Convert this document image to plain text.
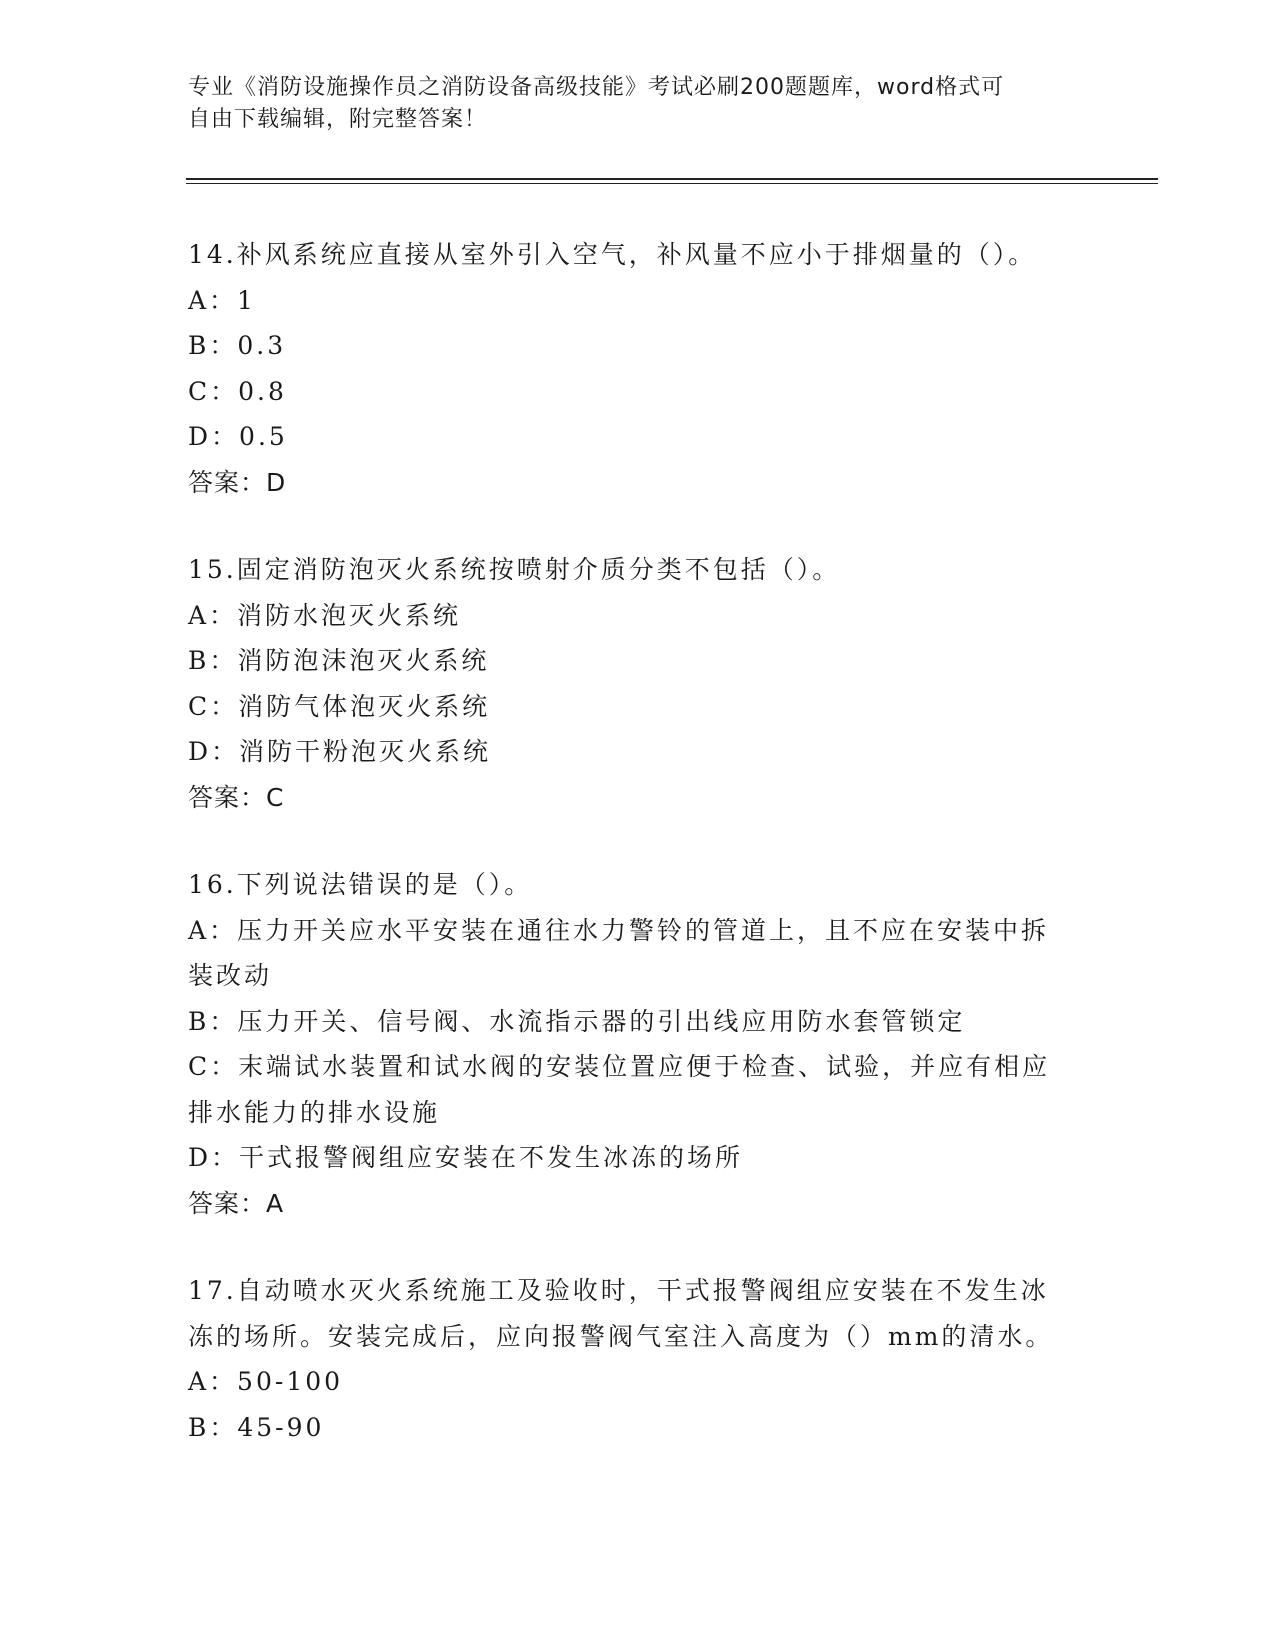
专业《消防设施操作员之消防设备高级技能》考试必刷200题题库，word格式可
自由下载编辑，附完整答案！
14.补风系统应直接从室外引入空气，补风量不应小于排烟量的（）。
A：1
B：0.3
C：0.8
D：0.5
答案：D
15.固定消防泡灭火系统按喷射介质分类不包括（）。
A：消防水泡灭火系统
B：消防泡沫泡灭火系统
C：消防气体泡灭火系统
D：消防干粉泡灭火系统
答案：C
16.下列说法错误的是（）。
A：压力开关应水平安装在通往水力警铃的管道上，且不应在安装中拆
装改动
B：压力开关、信号阀、水流指示器的引出线应用防水套管锁定
C：末端试水装置和试水阀的安装位置应便于检查、试验，并应有相应
排水能力的排水设施
D：干式报警阀组应安装在不发生冰冻的场所
答案：A
17.自动喷水灭火系统施工及验收时，干式报警阀组应安装在不发生冰
冻的场所。安装完成后，应向报警阀气室注入高度为（）mm的清水。
A：50-100
B：45-90
